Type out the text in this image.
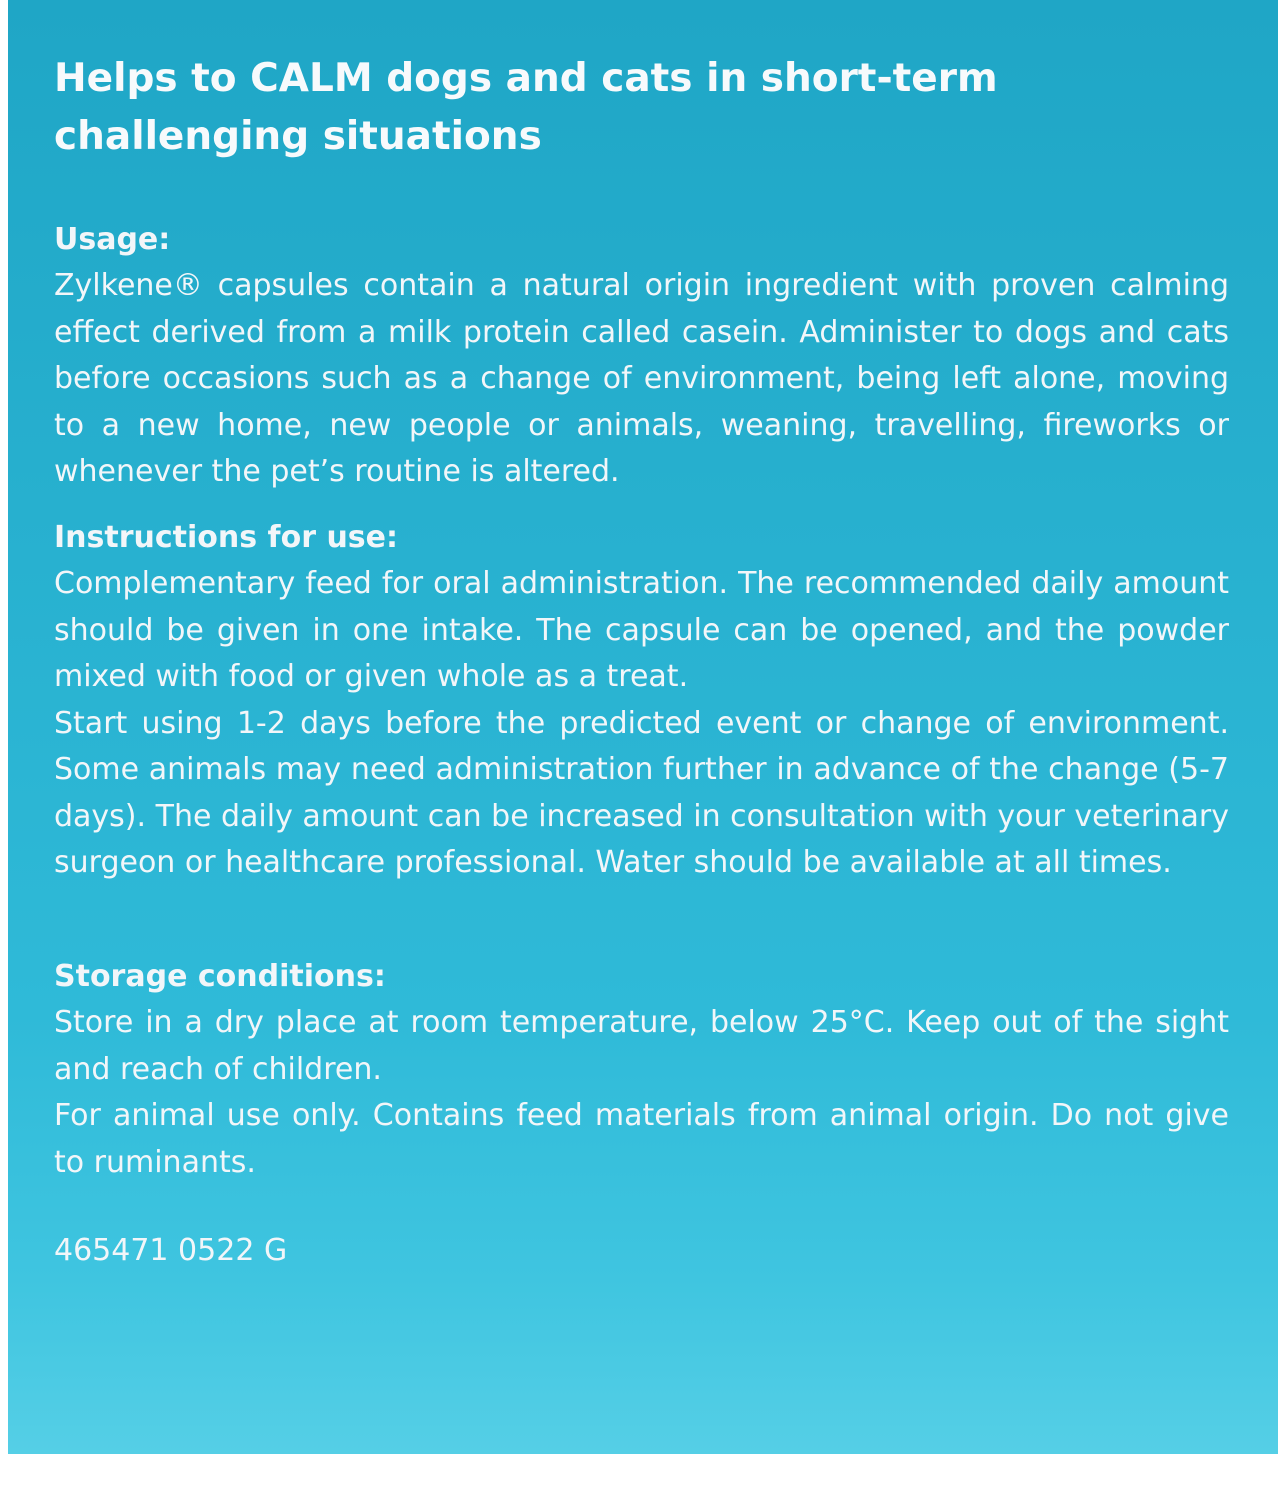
Helps to CALM dogs and cats in short-term challenging situations

Usage:

Zylkene® capsules contain a natural origin ingredient with proven calming effect derived from a milk protein called casein. Administer to dogs and cats before occasions such as a change of environment, being left alone, moving to a new home, new people or animals, weaning, travelling, fireworks or whenever the pet’s routine is altered.

Instructions for use:

Complementary feed for oral administration. The recommended daily amount should be given in one intake. The capsule can be opened, and the powder mixed with food or given whole as a treat.

Start using 1-2 days before the predicted event or change of environment. Some animals may need administration further in advance of the change (5-7 days). The daily amount can be increased in consultation with your veterinary surgeon or healthcare professional. Water should be available at all times.

Storage conditions:

Store in a dry place at room temperature, below 25°C. Keep out of the sight and reach of children.

For animal use only. Contains feed materials from animal origin. Do not give to ruminants.

465471 0522 G
